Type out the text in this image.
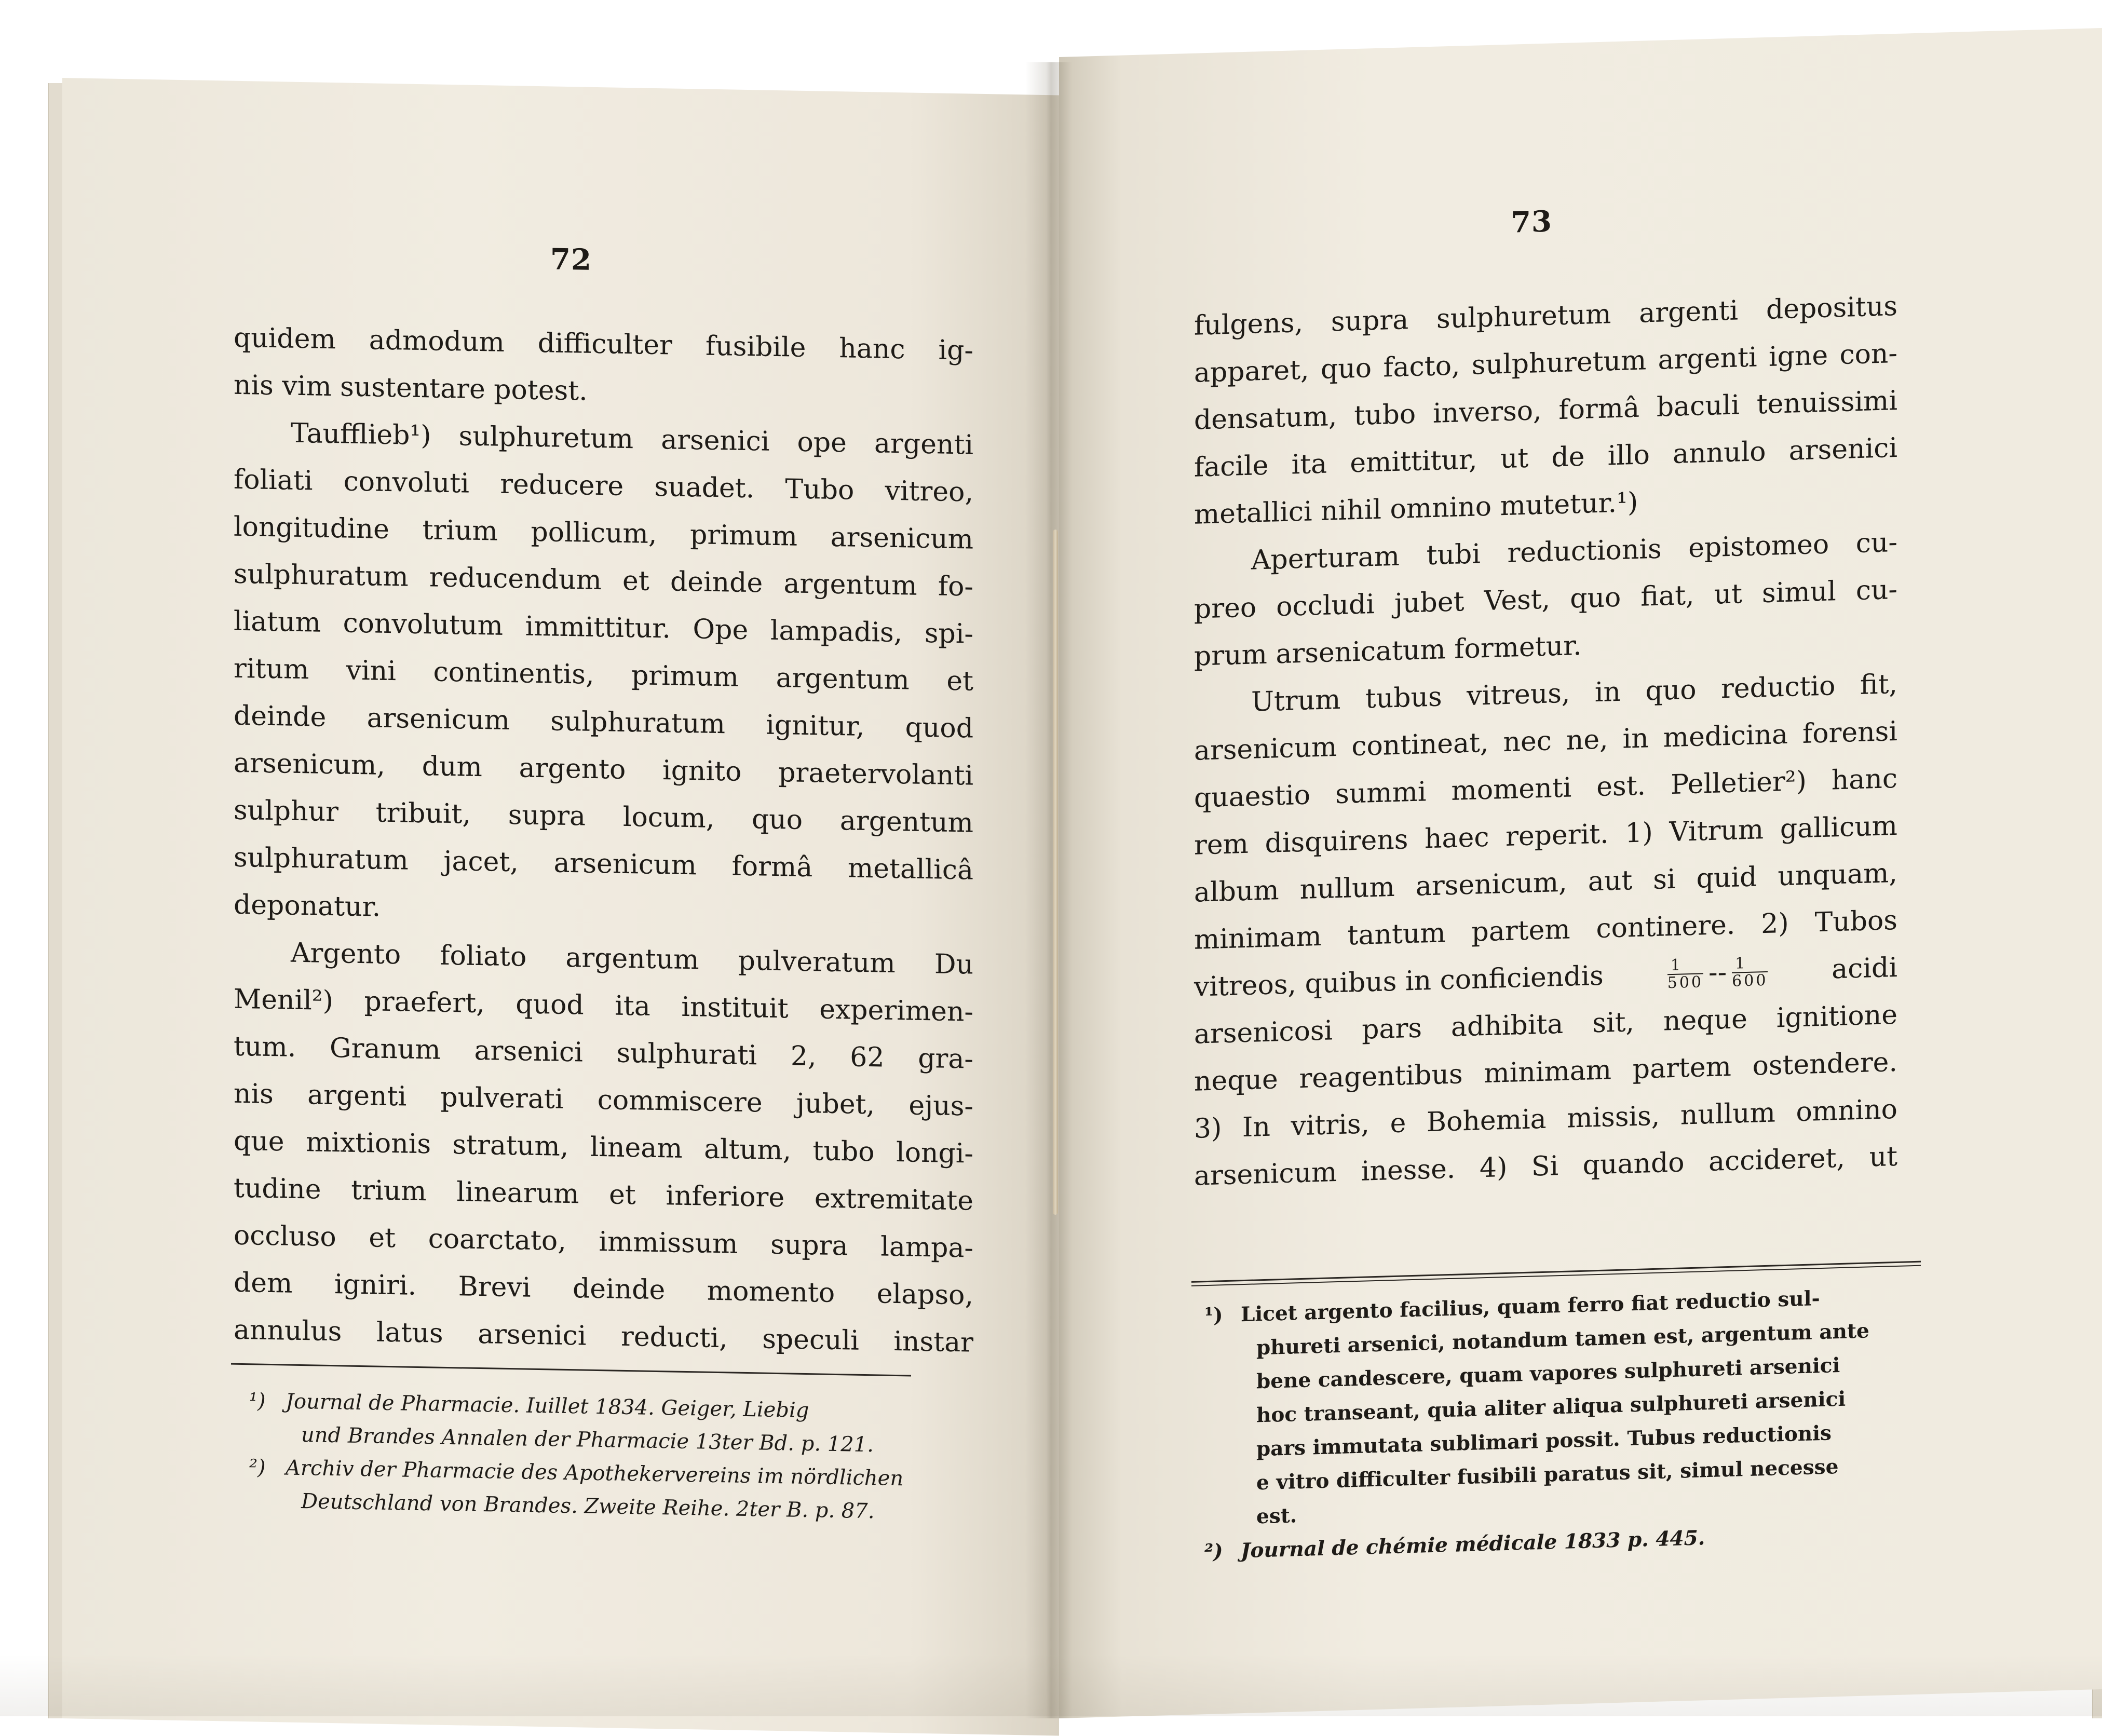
72
quidem admodum difficulter fusibile hanc ig-
nis vim sustentare potest.
Taufflieb¹) sulphuretum arsenici ope argenti
foliati convoluti reducere suadet. Tubo vitreo,
longitudine trium pollicum, primum arsenicum
sulphuratum reducendum et deinde argentum fo-
liatum convolutum immittitur. Ope lampadis, spi-
ritum vini continentis, primum argentum et
deinde arsenicum sulphuratum ignitur, quod
arsenicum, dum argento ignito praetervolanti
sulphur tribuit, supra locum, quo argentum
sulphuratum jacet, arsenicum formâ metallicâ
deponatur.
Argento foliato argentum pulveratum Du
Menil²) praefert, quod ita instituit experimen-
tum. Granum arsenici sulphurati 2, 62 gra-
nis argenti pulverati commiscere jubet, ejus-
que mixtionis stratum, lineam altum, tubo longi-
tudine trium linearum et inferiore extremitate
occluso et coarctato, immissum supra lampa-
dem igniri. Brevi deinde momento elapso,
annulus latus arsenici reducti, speculi instar
¹) Journal de Pharmacie. Iuillet 1834. Geiger, Liebig
und Brandes Annalen der Pharmacie 13ter Bd. p. 121.
²) Archiv der Pharmacie des Apothekervereins im nördlichen
Deutschland von Brandes. Zweite Reihe. 2ter B. p. 87.
73
fulgens, supra sulphuretum argenti depositus
apparet, quo facto, sulphuretum argenti igne con-
densatum, tubo inverso, formâ baculi tenuissimi
facile ita emittitur, ut de illo annulo arsenici
metallici nihil omnino mutetur.¹)
Aperturam tubi reductionis epistomeo cu-
preo occludi jubet Vest, quo fiat, ut simul cu-
prum arsenicatum formetur.
Utrum tubus vitreus, in quo reductio fit,
arsenicum contineat, nec ne, in medicina forensi
quaestio summi momenti est. Pelletier²) hanc
rem disquirens haec reperit. 1) Vitrum gallicum
album nullum arsenicum, aut si quid unquam,
minimam tantum partem continere. 2) Tubos
vitreos, quibus in conficiendis	$\frac{1}{500} -- \frac{1}{600}$ acidi
arsenicosi pars adhibita sit, neque ignitione
neque reagentibus minimam partem ostendere.
3) In vitris, e Bohemia missis, nullum omnino
arsenicum inesse. 4) Si quando accideret, ut
¹) Licet argento facilius, quam ferro fiat reductio sul-
phureti arsenici, notandum tamen est, argentum ante
bene candescere, quam vapores sulphureti arsenici
hoc transeant, quia aliter aliqua sulphureti arsenici
pars immutata sublimari possit. Tubus reductionis
e vitro difficulter fusibili paratus sit, simul necesse
est.
²) Journal de chémie médicale 1833 p. 445.
